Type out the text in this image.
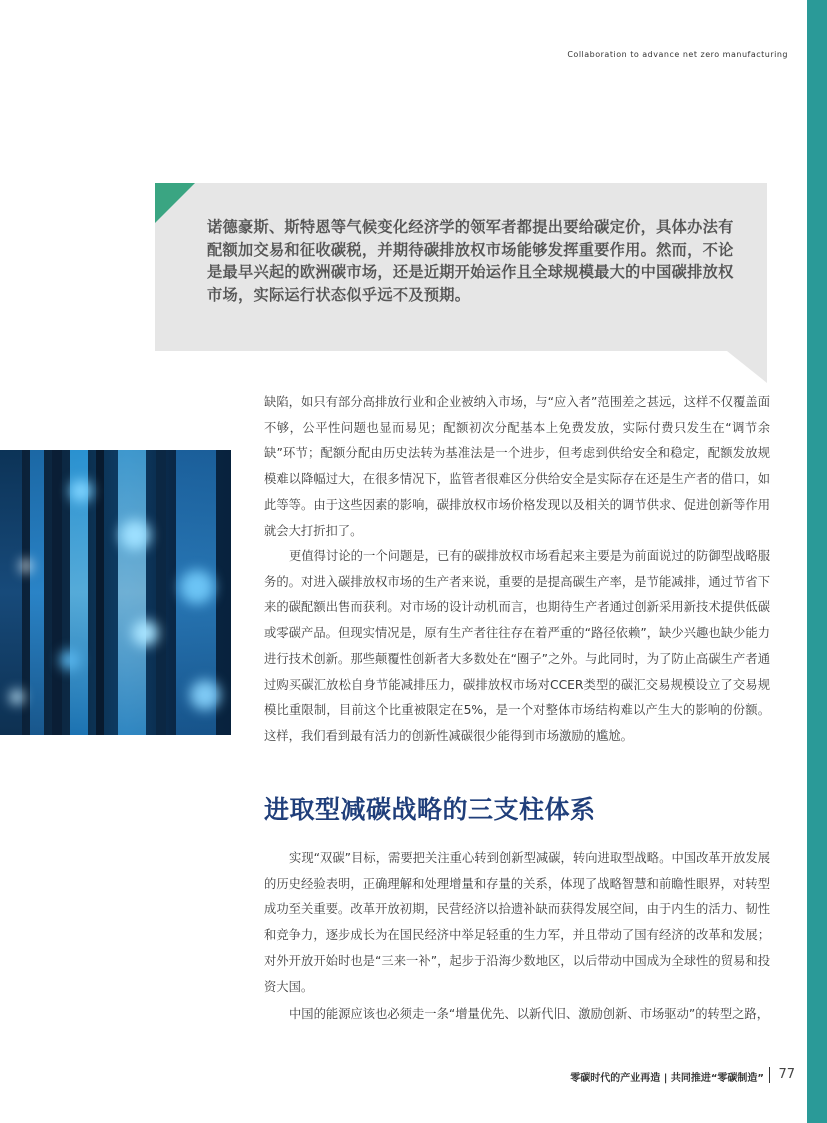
Collaboration to advance net zero manufacturing
诺德豪斯、斯特恩等气候变化经济学的领军者都提出要给碳定价，具体办法有配额加交易和征收碳税，并期待碳排放权市场能够发挥重要作用。然而，不论是最早兴起的欧洲碳市场，还是近期开始运作且全球规模最大的中国碳排放权市场，实际运行状态似乎远不及预期。
缺陷，如只有部分高排放行业和企业被纳入市场，与“应入者”范围差之甚远，这样不仅覆盖面不够，公平性问题也显而易见；配额初次分配基本上免费发放，实际付费只发生在“调节余缺”环节；配额分配由历史法转为基准法是一个进步，但考虑到供给安全和稳定，配额发放规模难以降幅过大，在很多情况下，监管者很难区分供给安全是实际存在还是生产者的借口，如此等等。由于这些因素的影响，碳排放权市场价格发现以及相关的调节供求、促进创新等作用就会大打折扣了。
更值得讨论的一个问题是，已有的碳排放权市场看起来主要是为前面说过的防御型战略服务的。对进入碳排放权市场的生产者来说，重要的是提高碳生产率，是节能减排，通过节省下来的碳配额出售而获利。对市场的设计动机而言，也期待生产者通过创新采用新技术提供低碳或零碳产品。但现实情况是，原有生产者往往存在着严重的“路径依赖”，缺少兴趣也缺少能力进行技术创新。那些颠覆性创新者大多数处在“圈子”之外。与此同时，为了防止高碳生产者通过购买碳汇放松自身节能减排压力，碳排放权市场对CCER类型的碳汇交易规模设立了交易规模比重限制，目前这个比重被限定在5%，是一个对整体市场结构难以产生大的影响的份额。这样，我们看到最有活力的创新性减碳很少能得到市场激励的尴尬。
进取型减碳战略的三支柱体系
实现“双碳”目标，需要把关注重心转到创新型减碳，转向进取型战略。中国改革开放发展的历史经验表明，正确理解和处理增量和存量的关系，体现了战略智慧和前瞻性眼界，对转型成功至关重要。改革开放初期，民营经济以拾遗补缺而获得发展空间，由于内生的活力、韧性和竞争力，逐步成长为在国民经济中举足轻重的生力军，并且带动了国有经济的改革和发展；对外开放开始时也是“三来一补”，起步于沿海少数地区，以后带动中国成为全球性的贸易和投资大国。
中国的能源应该也必须走一条“增量优先、以新代旧、激励创新、市场驱动”的转型之路，
零碳时代的产业再造 | 共同推进“零碳制造” 77
